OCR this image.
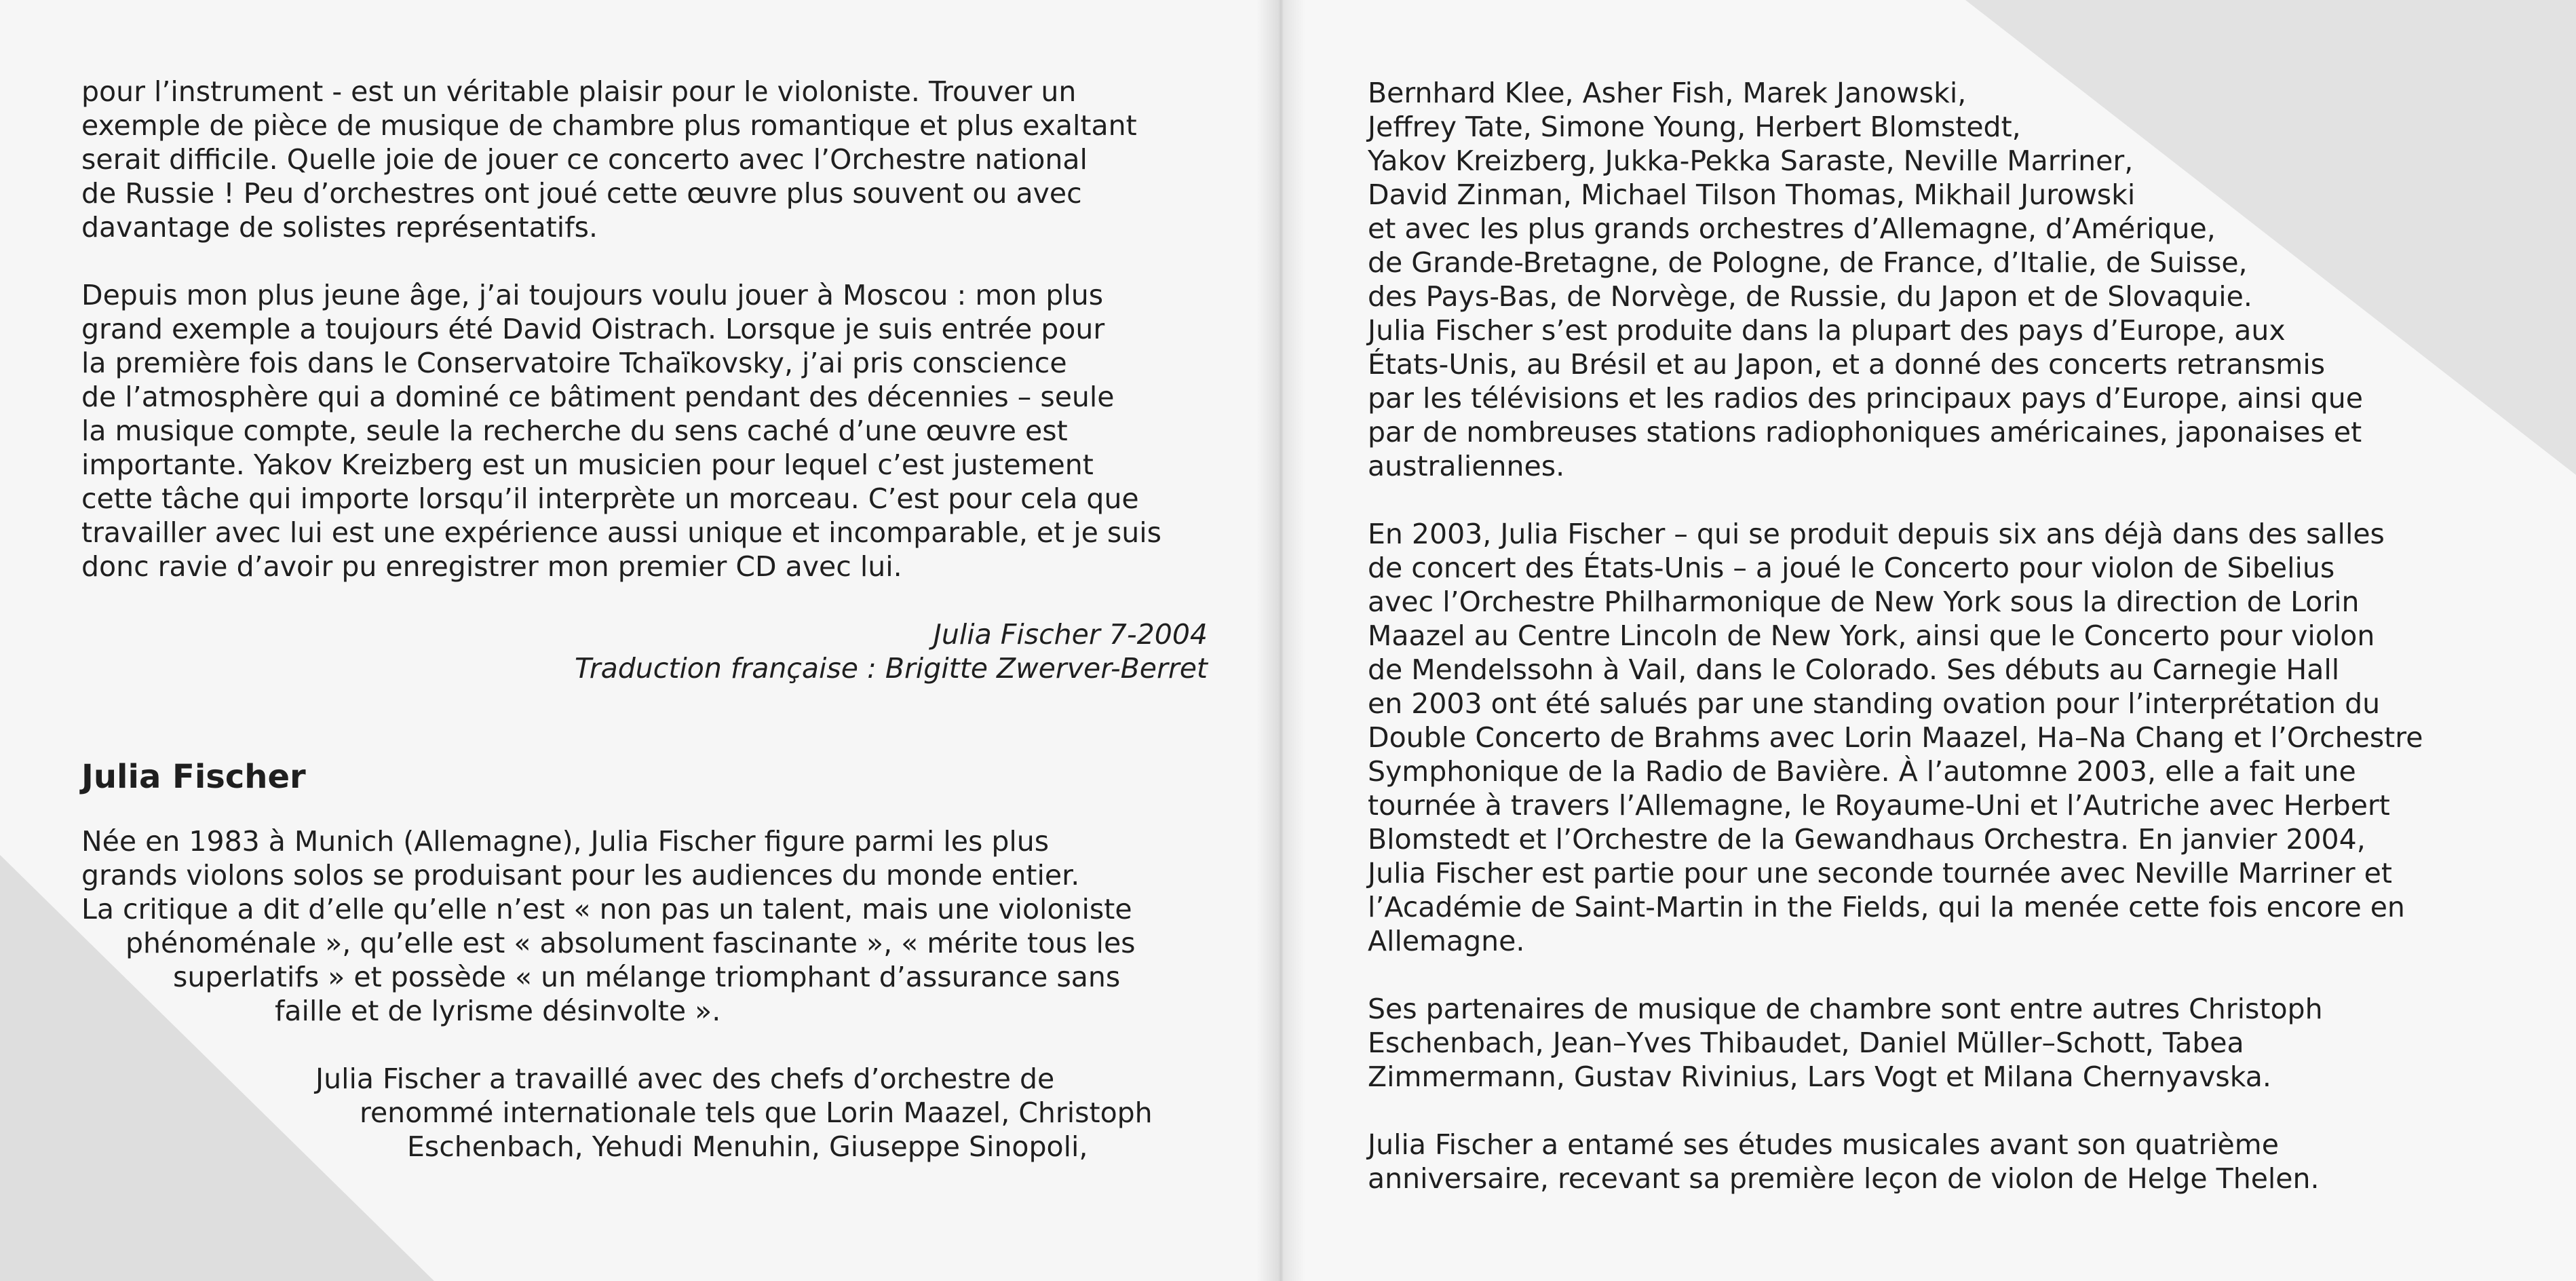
pour l’instrument - est un véritable plaisir pour le violoniste. Trouver un

exemple de pièce de musique de chambre plus romantique et plus exaltant

serait difficile. Quelle joie de jouer ce concerto avec l’Orchestre national

de Russie ! Peu d’orchestres ont joué cette œuvre plus souvent ou avec

davantage de solistes représentatifs.

Depuis mon plus jeune âge, j’ai toujours voulu jouer à Moscou : mon plus

grand exemple a toujours été David Oistrach. Lorsque je suis entrée pour

la première fois dans le Conservatoire Tchaïkovsky, j’ai pris conscience

de l’atmosphère qui a dominé ce bâtiment pendant des décennies – seule

la musique compte, seule la recherche du sens caché d’une œuvre est

importante. Yakov Kreizberg est un musicien pour lequel c’est justement

cette tâche qui importe lorsqu’il interprète un morceau. C’est pour cela que

travailler avec lui est une expérience aussi unique et incomparable, et je suis

donc ravie d’avoir pu enregistrer mon premier CD avec lui.

Julia Fischer 7-2004

Traduction française : Brigitte Zwerver-Berret

Julia Fischer

Née en 1983 à Munich (Allemagne), Julia Fischer figure parmi les plus

grands violons solos se produisant pour les audiences du monde entier.

La critique a dit d’elle qu’elle n’est « non pas un talent, mais une violoniste

phénoménale », qu’elle est « absolument fascinante », « mérite tous les

superlatifs » et possède « un mélange triomphant d’assurance sans

faille et de lyrisme désinvolte ».

Julia Fischer a travaillé avec des chefs d’orchestre de

renommé internationale tels que Lorin Maazel, Christoph

Eschenbach, Yehudi Menuhin, Giuseppe Sinopoli,

Bernhard Klee, Asher Fish, Marek Janowski,

Jeffrey Tate, Simone Young, Herbert Blomstedt,

Yakov Kreizberg, Jukka-Pekka Saraste, Neville Marriner,

David Zinman, Michael Tilson Thomas, Mikhail Jurowski

et avec les plus grands orchestres d’Allemagne, d’Amérique,

de Grande-Bretagne, de Pologne, de France, d’Italie, de Suisse,

des Pays-Bas, de Norvège, de Russie, du Japon et de Slovaquie.

Julia Fischer s’est produite dans la plupart des pays d’Europe, aux

États-Unis, au Brésil et au Japon, et a donné des concerts retransmis

par les télévisions et les radios des principaux pays d’Europe, ainsi que

par de nombreuses stations radiophoniques américaines, japonaises et

australiennes.

En 2003, Julia Fischer – qui se produit depuis six ans déjà dans des salles

de concert des États-Unis – a joué le Concerto pour violon de Sibelius

avec l’Orchestre Philharmonique de New York sous la direction de Lorin

Maazel au Centre Lincoln de New York, ainsi que le Concerto pour violon

de Mendelssohn à Vail, dans le Colorado. Ses débuts au Carnegie Hall

en 2003 ont été salués par une standing ovation pour l’interprétation du

Double Concerto de Brahms avec Lorin Maazel, Ha–Na Chang et l’Orchestre

Symphonique de la Radio de Bavière. À l’automne 2003, elle a fait une

tournée à travers l’Allemagne, le Royaume-Uni et l’Autriche avec Herbert

Blomstedt et l’Orchestre de la Gewandhaus Orchestra. En janvier 2004,

Julia Fischer est partie pour une seconde tournée avec Neville Marriner et

l’Académie de Saint-Martin in the Fields, qui la menée cette fois encore en

Allemagne.

Ses partenaires de musique de chambre sont entre autres Christoph

Eschenbach, Jean–Yves Thibaudet, Daniel Müller–Schott, Tabea

Zimmermann, Gustav Rivinius, Lars Vogt et Milana Chernyavska.

Julia Fischer a entamé ses études musicales avant son quatrième

anniversaire, recevant sa première leçon de violon de Helge Thelen.
